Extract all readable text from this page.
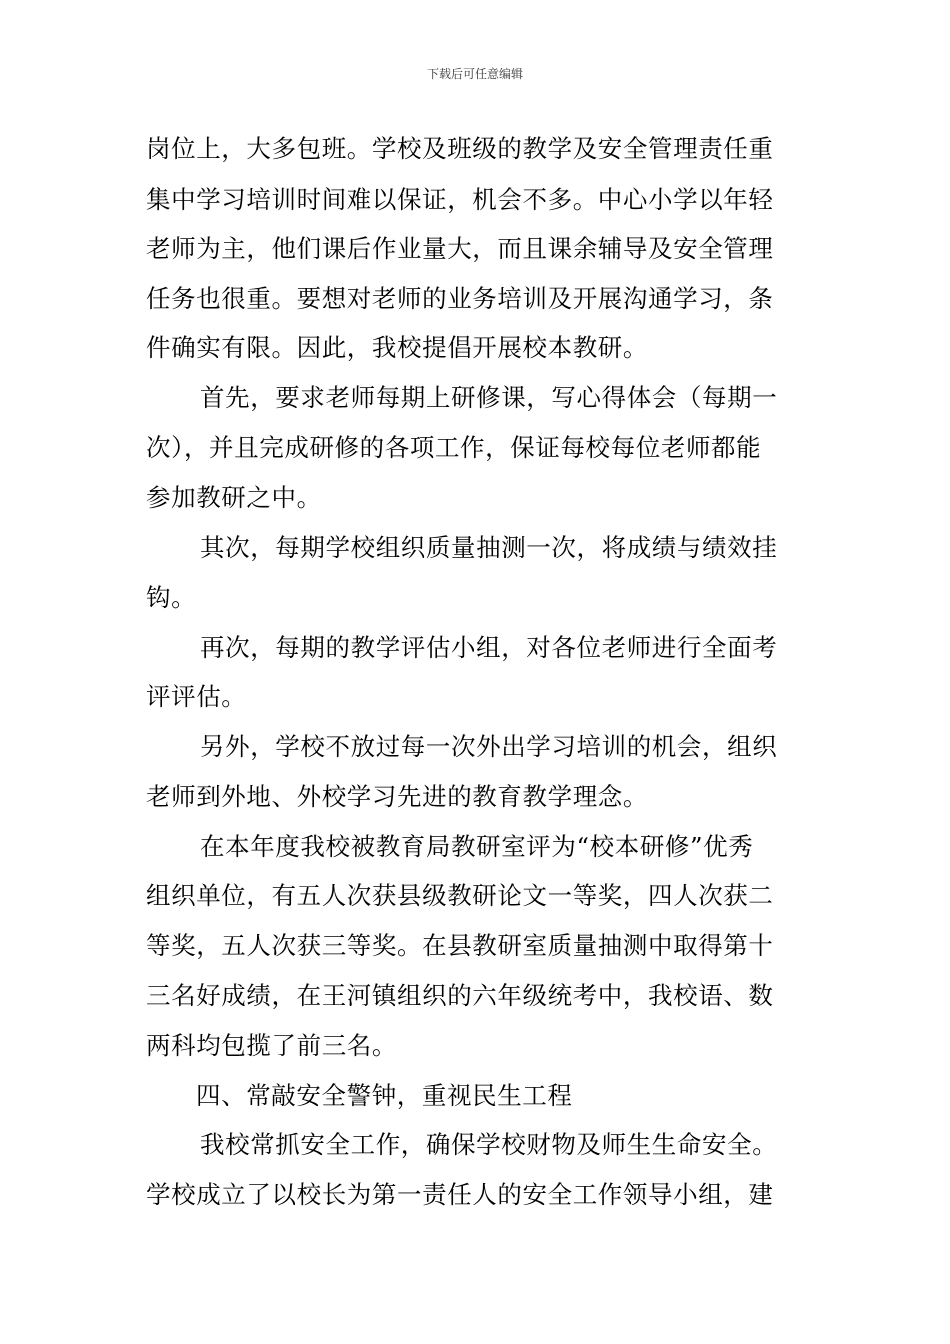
下载后可任意编辑
岗位上，大多包班。学校及班级的教学及安全管理责任重
集中学习培训时间难以保证，机会不多。中心小学以年轻
老师为主，他们课后作业量大，而且课余辅导及安全管理
任务也很重。要想对老师的业务培训及开展沟通学习，条
件确实有限。因此，我校提倡开展校本教研。
首先，要求老师每期上研修课，写心得体会（每期一
次），并且完成研修的各项工作，保证每校每位老师都能
参加教研之中。
其次，每期学校组织质量抽测一次，将成绩与绩效挂
钩。
再次，每期的教学评估小组，对各位老师进行全面考
评评估。
另外，学校不放过每一次外出学习培训的机会，组织
老师到外地、外校学习先进的教育教学理念。
在本年度我校被教育局教研室评为“校本研修”优秀
组织单位，有五人次获县级教研论文一等奖，四人次获二
等奖，五人次获三等奖。在县教研室质量抽测中取得第十
三名好成绩，在王河镇组织的六年级统考中，我校语、数
两科均包揽了前三名。
四、常敲安全警钟，重视民生工程
我校常抓安全工作，确保学校财物及师生生命安全。
学校成立了以校长为第一责任人的安全工作领导小组，建
